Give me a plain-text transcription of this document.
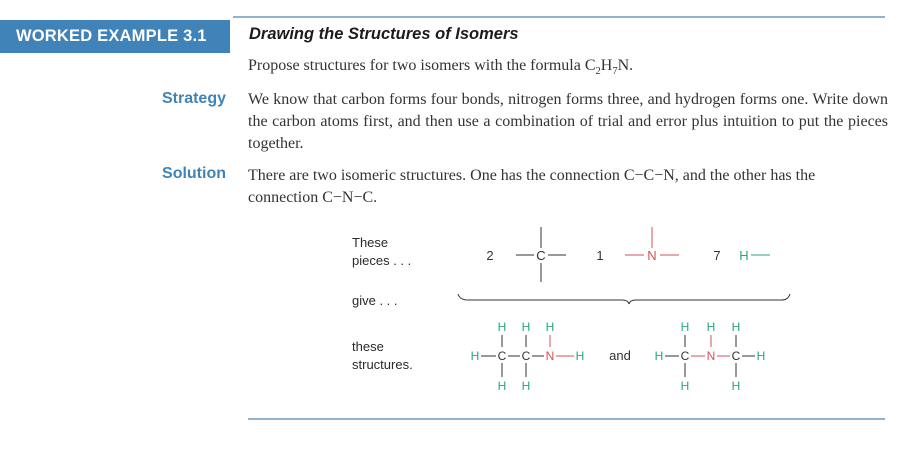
WORKED EXAMPLE 3.1	Drawing the Structures of Isomers
Propose structures for two isomers with the formula $C_2H_7N$.
Strategy We know that carbon forms four bonds, nitrogen forms three, and hydrogen forms one. Write down the carbon atoms first, and then use a combination of trial and error plus intuition to put the pieces together.
Solution There are two isomeric structures. One has the connection C−C−N, and the other has the connection C−N−C.
These
pieces . . .
give . . .
these
structures.
2	C	1	N	7 H
H H H
H	H
H H
C C N	and
H H H
H	H
H	H
C N C
